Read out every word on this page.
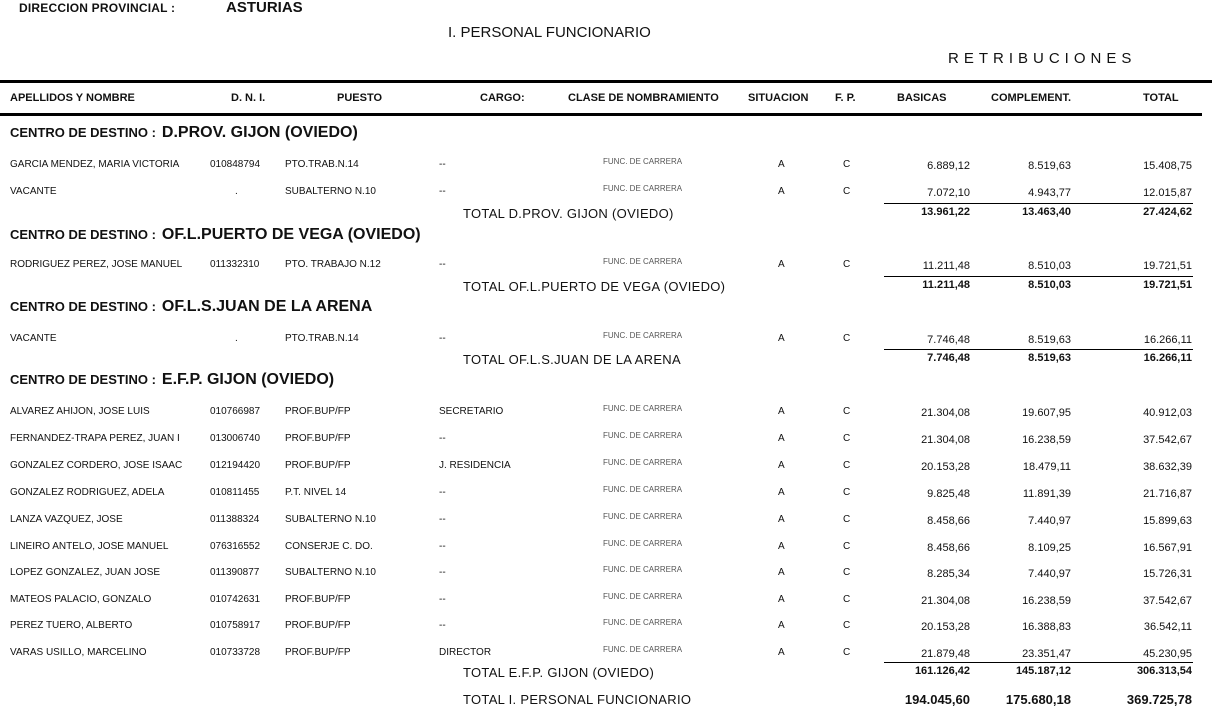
DIRECCION PROVINCIAL :	ASTURIAS
I. PERSONAL FUNCIONARIO
RETRIBUCIONES
APELLIDOS Y NOMBRE	D. N. I.	PUESTO	CARGO:	CLASE DE NOMBRAMIENTO	SITUACION F. P.	BASICAS	COMPLEMENT.	TOTAL
CENTRO DE DESTINO : D.PROV. GIJON (OVIEDO)
GARCIA MENDEZ, MARIA VICTORIA	010848794 PTO.TRAB.N.14	--	FUNC. DE CARRERA	A	C	6.889,12	8.519,63	15.408,75
VACANTE	.	SUBALTERNO N.10	--	FUNC. DE CARRERA	A	C	7.072,10	4.943,77	12.015,87
TOTAL D.PROV. GIJON (OVIEDO)	13.961,22	13.463,40	27.424,62
CENTRO DE DESTINO : OF.L.PUERTO DE VEGA (OVIEDO)
RODRIGUEZ PEREZ, JOSE MANUEL	011332310	PTO. TRABAJO N.12	--	FUNC. DE CARRERA	A	C	11.211,48	8.510,03	19.721,51
TOTAL OF.L.PUERTO DE VEGA (OVIEDO)	11.211,48	8.510,03	19.721,51
CENTRO DE DESTINO : OF.L.S.JUAN DE LA ARENA
VACANTE	.	PTO.TRAB.N.14	--	FUNC. DE CARRERA	A	C	7.746,48	8.519,63	16.266,11
TOTAL OF.L.S.JUAN DE LA ARENA	7.746,48	8.519,63	16.266,11
CENTRO DE DESTINO : E.F.P. GIJON (OVIEDO)
ALVAREZ AHIJON, JOSE LUIS	010766987 PROF.BUP/FP	SECRETARIO	FUNC. DE CARRERA	A	C	21.304,08	19.607,95	40.912,03
FERNANDEZ-TRAPA PEREZ, JUAN I	013006740 PROF.BUP/FP	--	FUNC. DE CARRERA	A	C	21.304,08	16.238,59	37.542,67
GONZALEZ CORDERO, JOSE ISAAC	012194420 PROF.BUP/FP	J. RESIDENCIA	FUNC. DE CARRERA	A	C	20.153,28	18.479,11	38.632,39
GONZALEZ RODRIGUEZ, ADELA	010811455	P.T. NIVEL 14	--	FUNC. DE CARRERA	A	C	9.825,48	11.891,39	21.716,87
LANZA VAZQUEZ, JOSE	011388324	SUBALTERNO N.10	--	FUNC. DE CARRERA	A	C	8.458,66	7.440,97	15.899,63
LINEIRO ANTELO, JOSE MANUEL	076316552 CONSERJE C. DO.	--	FUNC. DE CARRERA	A	C	8.458,66	8.109,25	16.567,91
LOPEZ GONZALEZ, JUAN JOSE	011390877	SUBALTERNO N.10	--	FUNC. DE CARRERA	A	C	8.285,34	7.440,97	15.726,31
MATEOS PALACIO, GONZALO	010742631 PROF.BUP/FP	--	FUNC. DE CARRERA	A	C	21.304,08	16.238,59	37.542,67
PEREZ TUERO, ALBERTO	010758917 PROF.BUP/FP	--	FUNC. DE CARRERA	A	C	20.153,28	16.388,83	36.542,11
VARAS USILLO, MARCELINO	010733728 PROF.BUP/FP	DIRECTOR	FUNC. DE CARRERA	A	C	21.879,48	23.351,47	45.230,95
TOTAL E.F.P. GIJON (OVIEDO)	161.126,42	145.187,12	306.313,54
TOTAL I. PERSONAL FUNCIONARIO	194.045,60	175.680,18	369.725,78
